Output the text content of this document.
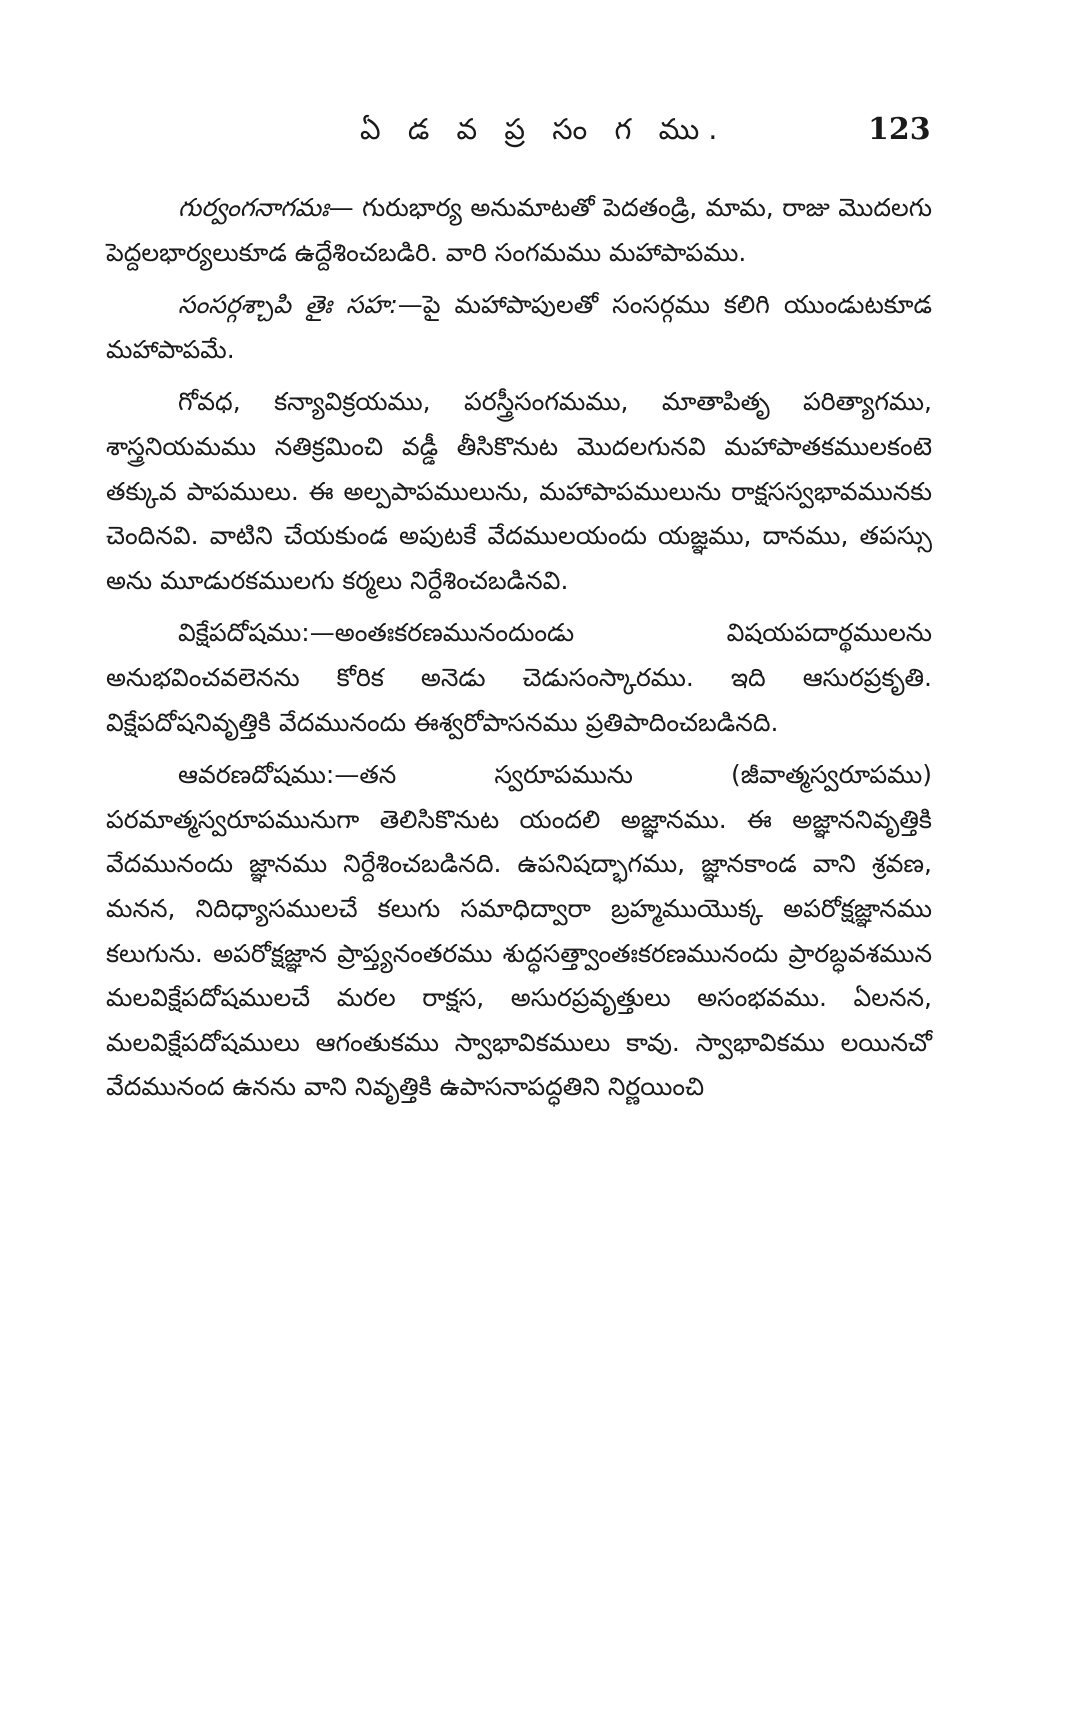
ఏ డ వ ప్ర సం గ ము.	123

గుర్వంగనాగమః— గురుభార్య అనుమాటతో పెదతండ్రి, మామ, రాజు మొదలగు పెద్దలభార్యలుకూడ ఉద్దేశించబడిరి. వారి సంగమము మహాపాపము.

సంసర్గశ్చాపి తైః సహ:—పై మహాపాపులతో సంసర్గము కలిగి యుండుటకూడ మహాపాపమే.

గోవధ, కన్యావిక్రయము, పరస్త్రీసంగమము, మాతాపితృ పరిత్యాగము, శాస్త్రనియమము నతిక్రమించి వడ్డీ తీసికొనుట మొదలగునవి మహాపాతకములకంటె తక్కువ పాపములు. ఈ అల్పపాపములును, మహాపాపములును రాక్షసస్వభావమునకు చెందినవి. వాటిని చేయకుండ అపుటకే వేదములయందు యజ్ఞము, దానము, తపస్సు అను మూడురకములగు కర్మలు నిర్దేశించబడినవి.

విక్షేపదోషము:—అంతఃకరణమునందుండు విషయపదార్థములను అనుభవించవలెనను కోరిక అనెడు చెడుసంస్కారము. ఇది ఆసురప్రకృతి. విక్షేపదోషనివృత్తికి వేదమునందు ఈశ్వరోపాసనము ప్రతిపాదించబడినది.

ఆవరణదోషము:—తన స్వరూపమును (జీవాత్మస్వరూపము) పరమాత్మస్వరూపమునుగా తెలిసికొనుట యందలి అజ్ఞానము. ఈ అజ్ఞాననివృత్తికి వేదమునందు జ్ఞానము నిర్దేశించబడినది. ఉపనిషద్భాగము, జ్ఞానకాండ వాని శ్రవణ, మనన, నిదిధ్యాసములచే కలుగు సమాధిద్వారా బ్రహ్మముయొక్క అపరోక్షజ్ఞానము కలుగును. అపరోక్షజ్ఞాన ప్రాప్త్యనంతరము శుద్ధసత్త్వాంతఃకరణమునందు ప్రారబ్ధవశమున మలవిక్షేపదోషములచే మరల రాక్షస, అసురప్రవృత్తులు అసంభవము. ఏలనన, మలవిక్షేపదోషములు ఆగంతుకము స్వాభావికములు కావు. స్వాభావికము లయినచో వేదమునంద ఉనను వాని నివృత్తికి ఉపాసనాపద్ధతిని నిర్ణయించి
